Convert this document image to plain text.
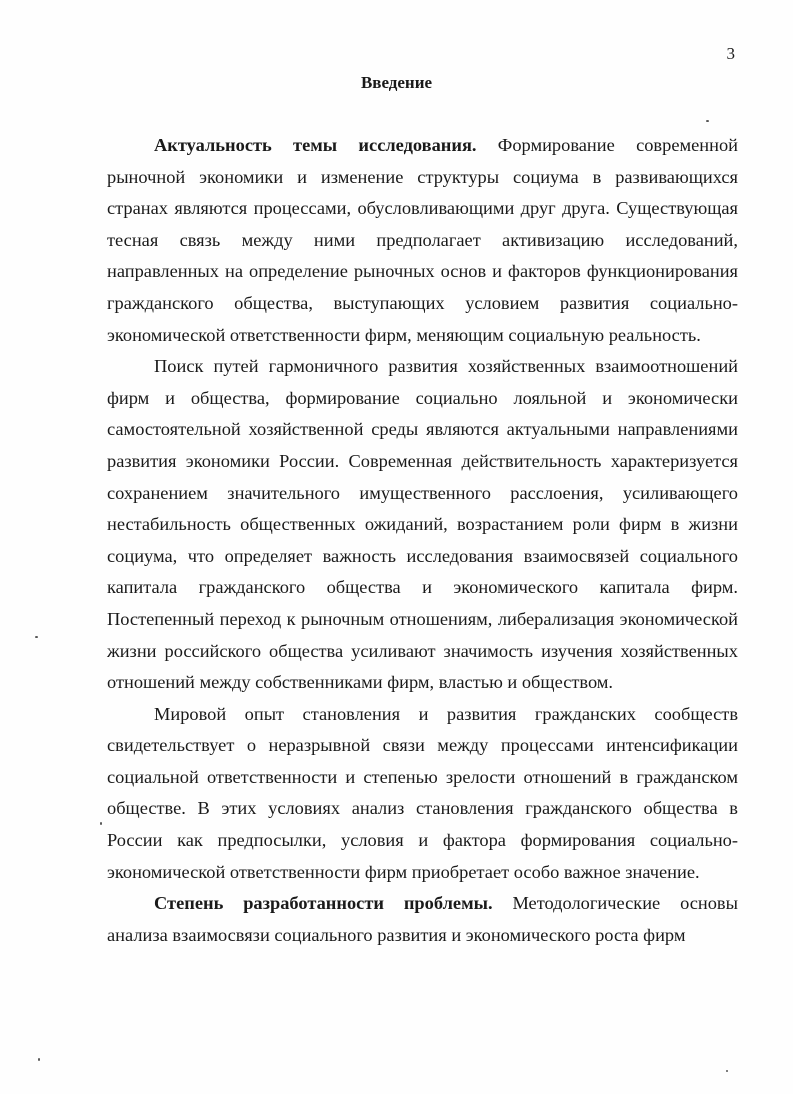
3
Введение

Актуальность темы исследования. Формирование современной рыночной экономики и изменение структуры социума в развивающихся странах являются процессами, обусловливающими друг друга. Существующая тесная связь между ними предполагает активизацию исследований, направленных на определение рыночных основ и факторов функционирования гражданского общества, выступающих условием развития социально-экономической ответственности фирм, меняющим социальную реальность.

Поиск путей гармоничного развития хозяйственных взаимоотношений фирм и общества, формирование социально лояльной и экономически самостоятельной хозяйственной среды являются актуальными направлениями развития экономики России. Современная действительность характеризуется сохранением значительного имущественного расслоения, усиливающего нестабильность общественных ожиданий, возрастанием роли фирм в жизни социума, что определяет важность исследования взаимосвязей социального капитала гражданского общества и экономического капитала фирм. Постепенный переход к рыночным отношениям, либерализация экономической жизни российского общества усиливают значимость изучения хозяйственных отношений между собственниками фирм, властью и обществом.

Мировой опыт становления и развития гражданских сообществ свидетельствует о неразрывной связи между процессами интенсификации социальной ответственности и степенью зрелости отношений в гражданском обществе. В этих условиях анализ становления гражданского общества в России как предпосылки, условия и фактора формирования социально-экономической ответственности фирм приобретает особо важное значение.

Степень разработанности проблемы. Методологические основы анализа взаимосвязи социального развития и экономического роста фирм
